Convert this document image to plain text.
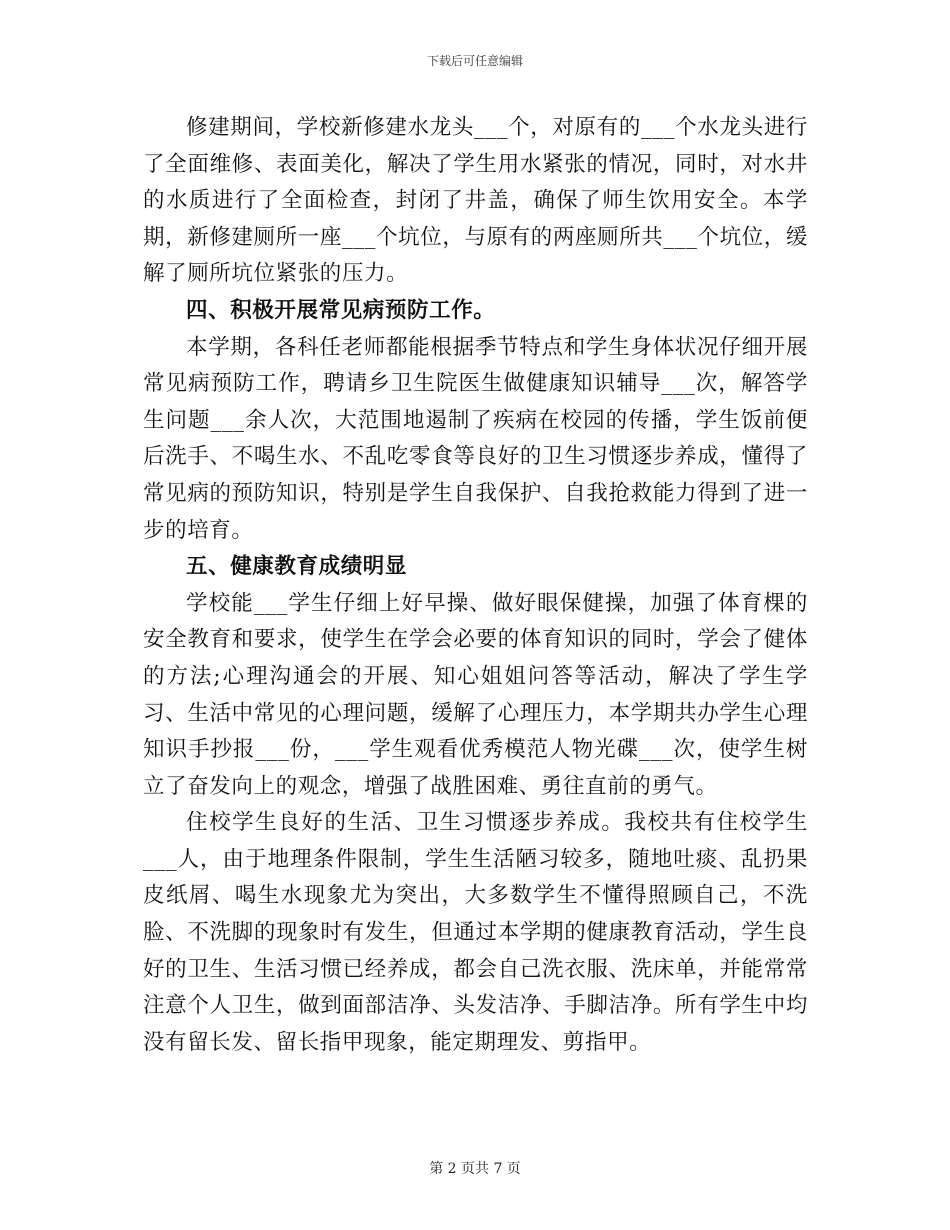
下载后可任意编辑

修建期间，学校新修建水龙头___个，对原有的___个水龙头进行了全面维修、表面美化，解决了学生用水紧张的情况，同时，对水井的水质进行了全面检查，封闭了井盖，确保了师生饮用安全。本学期，新修建厕所一座___个坑位，与原有的两座厕所共___个坑位，缓解了厕所坑位紧张的压力。

四、积极开展常见病预防工作。

本学期，各科任老师都能根据季节特点和学生身体状况仔细开展常见病预防工作，聘请乡卫生院医生做健康知识辅导___次，解答学生问题___余人次，大范围地遏制了疾病在校园的传播，学生饭前便后洗手、不喝生水、不乱吃零食等良好的卫生习惯逐步养成，懂得了常见病的预防知识，特别是学生自我保护、自我抢救能力得到了进一步的培育。

五、健康教育成绩明显

学校能___学生仔细上好早操、做好眼保健操，加强了体育棵的安全教育和要求，使学生在学会必要的体育知识的同时，学会了健体的方法;心理沟通会的开展、知心姐姐问答等活动，解决了学生学习、生活中常见的心理问题，缓解了心理压力，本学期共办学生心理知识手抄报___份，___学生观看优秀模范人物光碟___次，使学生树立了奋发向上的观念，增强了战胜困难、勇往直前的勇气。

住校学生良好的生活、卫生习惯逐步养成。我校共有住校学生___人，由于地理条件限制，学生生活陋习较多，随地吐痰、乱扔果皮纸屑、喝生水现象尤为突出，大多数学生不懂得照顾自己，不洗脸、不洗脚的现象时有发生，但通过本学期的健康教育活动，学生良好的卫生、生活习惯已经养成，都会自己洗衣服、洗床单，并能常常注意个人卫生，做到面部洁净、头发洁净、手脚洁净。所有学生中均没有留长发、留长指甲现象，能定期理发、剪指甲。

第 2 页共 7 页
